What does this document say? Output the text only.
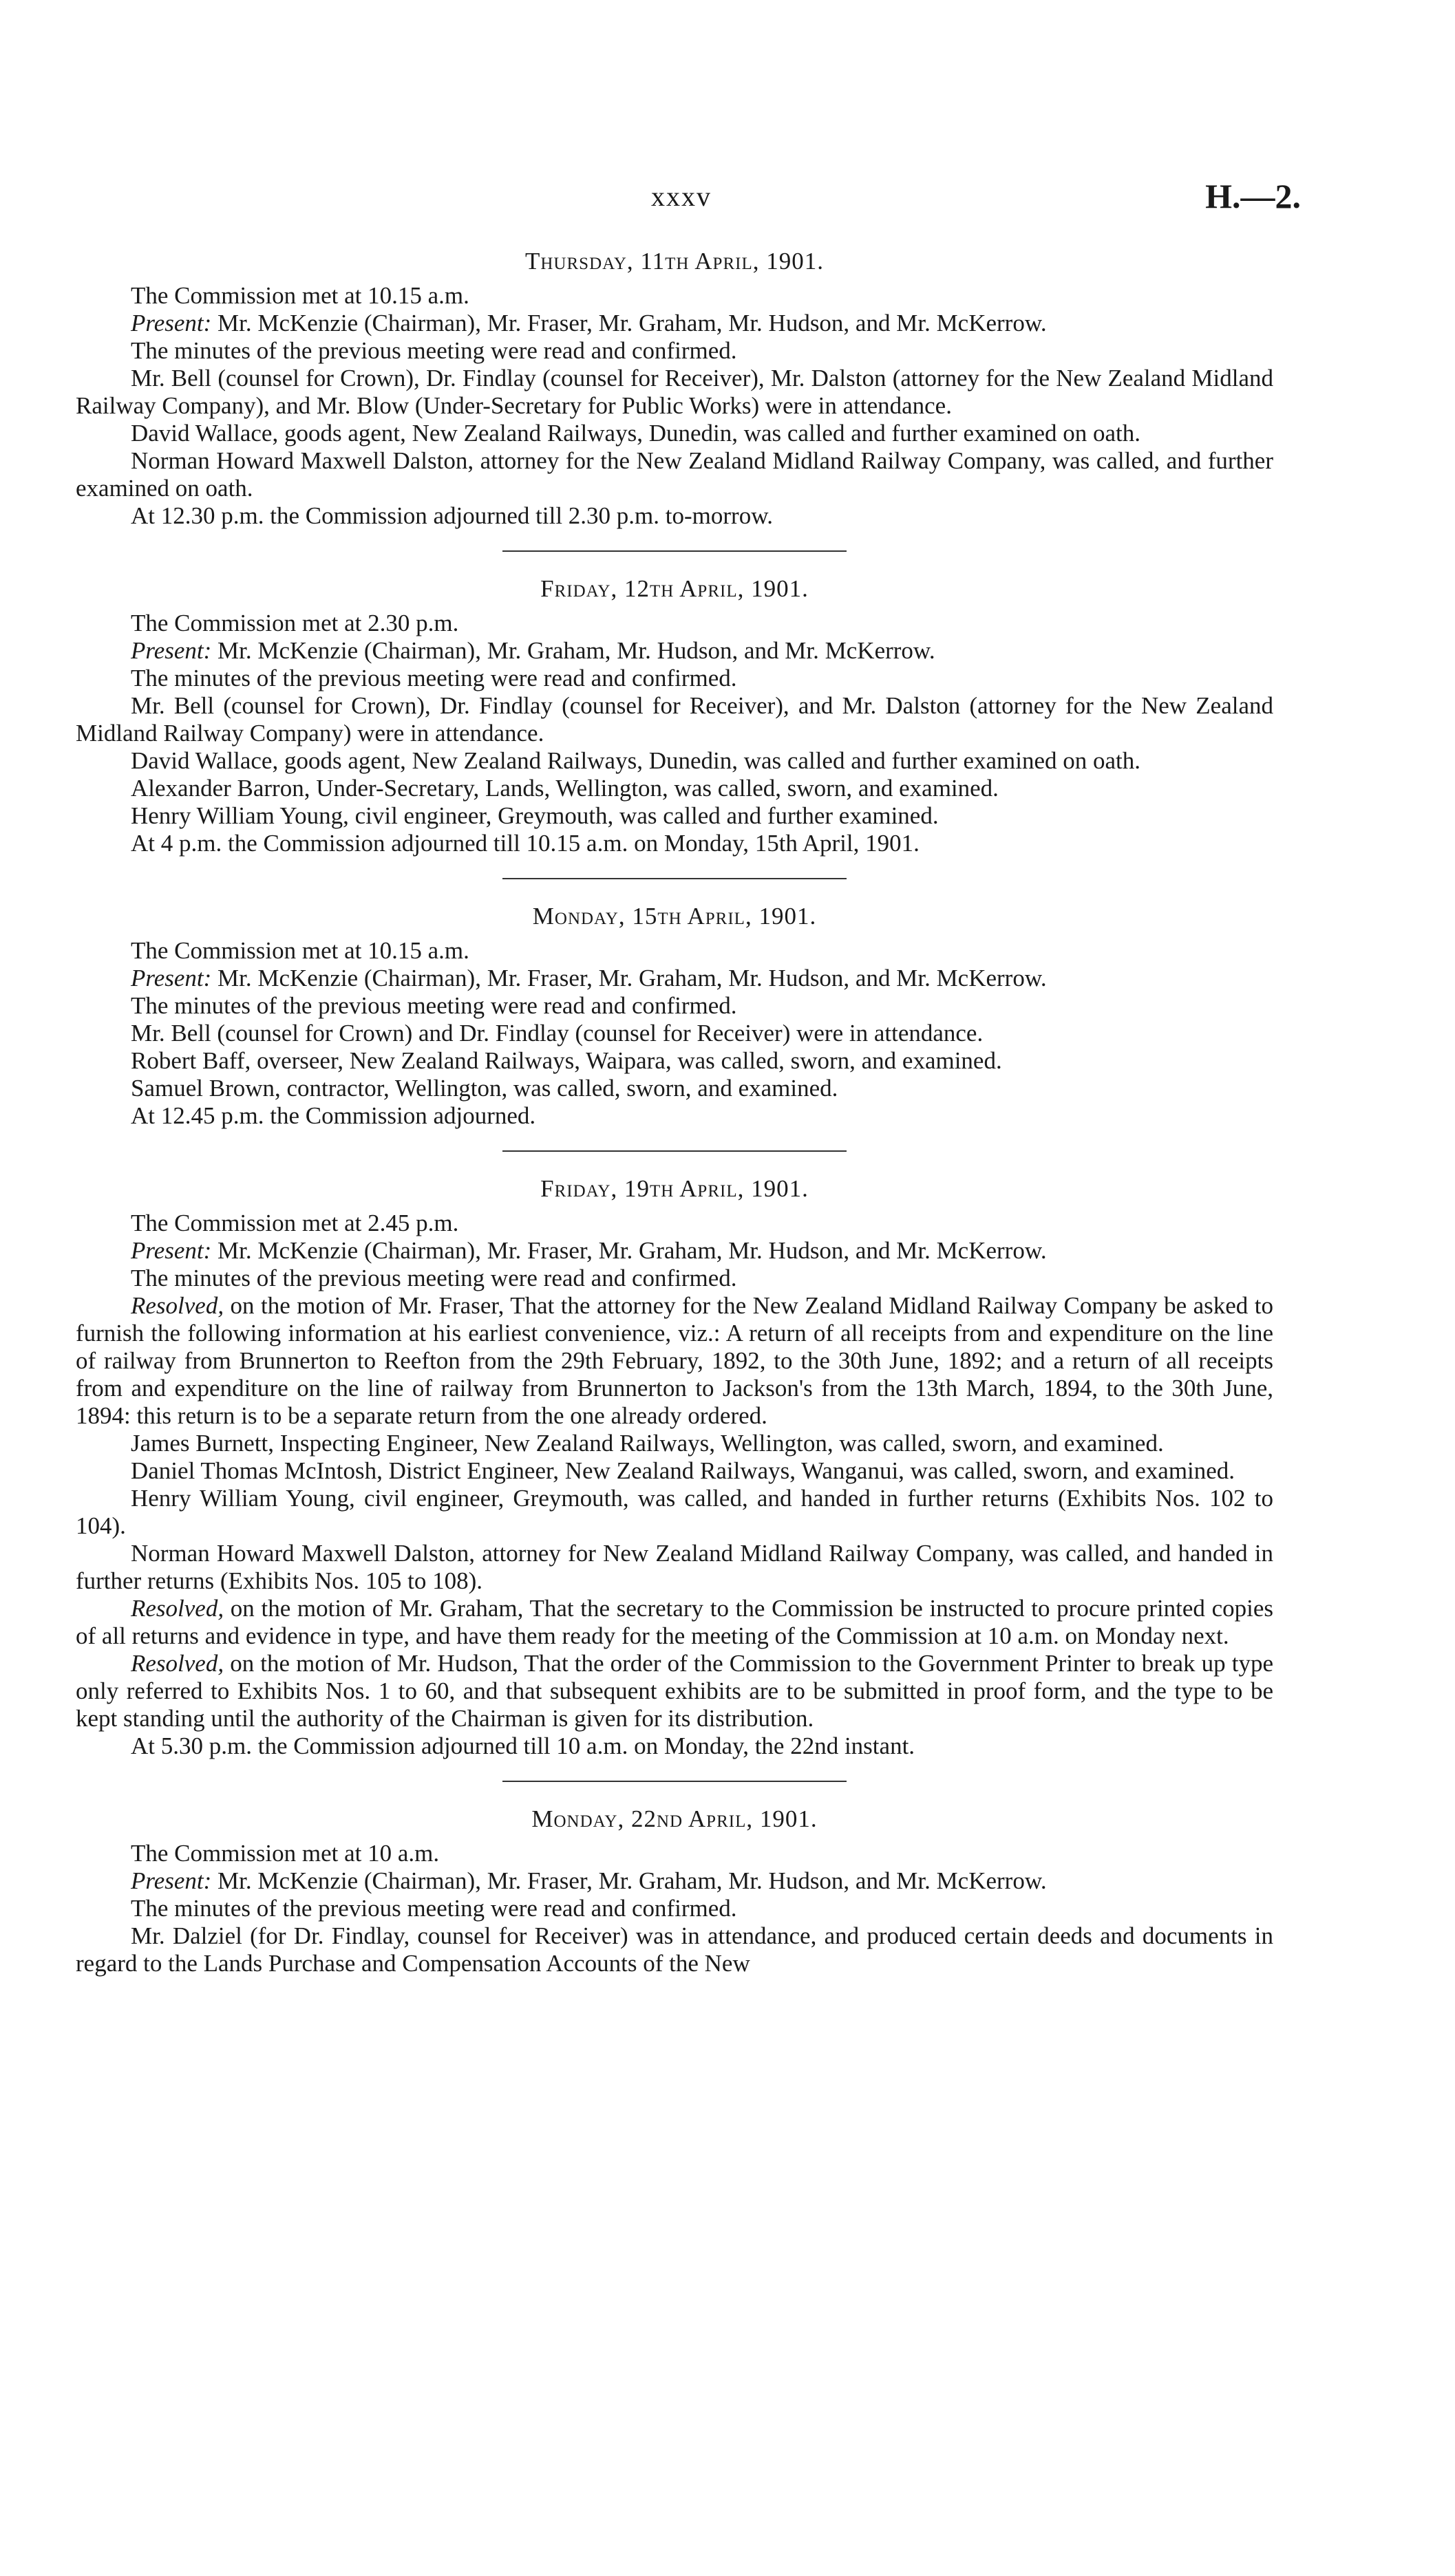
xxxv	H.—2.
Thursday, 11th April, 1901.

The Commission met at 10.15 a.m.

Present: Mr. McKenzie (Chairman), Mr. Fraser, Mr. Graham, Mr. Hudson, and Mr. McKerrow.

The minutes of the previous meeting were read and confirmed.

Mr. Bell (counsel for Crown), Dr. Findlay (counsel for Receiver), Mr. Dalston (attorney for the New Zealand Midland Railway Company), and Mr. Blow (Under-Secretary for Public Works) were in attendance.

David Wallace, goods agent, New Zealand Railways, Dunedin, was called and further examined on oath.

Norman Howard Maxwell Dalston, attorney for the New Zealand Midland Railway Company, was called, and further examined on oath.

At 12.30 p.m. the Commission adjourned till 2.30 p.m. to-morrow.

Friday, 12th April, 1901.

The Commission met at 2.30 p.m.

Present: Mr. McKenzie (Chairman), Mr. Graham, Mr. Hudson, and Mr. McKerrow.

The minutes of the previous meeting were read and confirmed.

Mr. Bell (counsel for Crown), Dr. Findlay (counsel for Receiver), and Mr. Dalston (attorney for the New Zealand Midland Railway Company) were in attendance.

David Wallace, goods agent, New Zealand Railways, Dunedin, was called and further examined on oath.

Alexander Barron, Under-Secretary, Lands, Wellington, was called, sworn, and examined.

Henry William Young, civil engineer, Greymouth, was called and further examined.

At 4 p.m. the Commission adjourned till 10.15 a.m. on Monday, 15th April, 1901.

Monday, 15th April, 1901.

The Commission met at 10.15 a.m.

Present: Mr. McKenzie (Chairman), Mr. Fraser, Mr. Graham, Mr. Hudson, and Mr. McKerrow.

The minutes of the previous meeting were read and confirmed.

Mr. Bell (counsel for Crown) and Dr. Findlay (counsel for Receiver) were in attendance.

Robert Baff, overseer, New Zealand Railways, Waipara, was called, sworn, and examined.

Samuel Brown, contractor, Wellington, was called, sworn, and examined.

At 12.45 p.m. the Commission adjourned.

Friday, 19th April, 1901.

The Commission met at 2.45 p.m.

Present: Mr. McKenzie (Chairman), Mr. Fraser, Mr. Graham, Mr. Hudson, and Mr. McKerrow.

The minutes of the previous meeting were read and confirmed.

Resolved, on the motion of Mr. Fraser, That the attorney for the New Zealand Midland Railway Company be asked to furnish the following information at his earliest convenience, viz.: A return of all receipts from and expenditure on the line of railway from Brunnerton to Reefton from the 29th February, 1892, to the 30th June, 1892; and a return of all receipts from and expenditure on the line of railway from Brunnerton to Jackson's from the 13th March, 1894, to the 30th June, 1894: this return is to be a separate return from the one already ordered.

James Burnett, Inspecting Engineer, New Zealand Railways, Wellington, was called, sworn, and examined.

Daniel Thomas McIntosh, District Engineer, New Zealand Railways, Wanganui, was called, sworn, and examined.

Henry William Young, civil engineer, Greymouth, was called, and handed in further returns (Exhibits Nos. 102 to 104).

Norman Howard Maxwell Dalston, attorney for New Zealand Midland Railway Company, was called, and handed in further returns (Exhibits Nos. 105 to 108).

Resolved, on the motion of Mr. Graham, That the secretary to the Commission be instructed to procure printed copies of all returns and evidence in type, and have them ready for the meeting of the Commission at 10 a.m. on Monday next.

Resolved, on the motion of Mr. Hudson, That the order of the Commission to the Government Printer to break up type only referred to Exhibits Nos. 1 to 60, and that subsequent exhibits are to be submitted in proof form, and the type to be kept standing until the authority of the Chairman is given for its distribution.

At 5.30 p.m. the Commission adjourned till 10 a.m. on Monday, the 22nd instant.

Monday, 22nd April, 1901.

The Commission met at 10 a.m.

Present: Mr. McKenzie (Chairman), Mr. Fraser, Mr. Graham, Mr. Hudson, and Mr. McKerrow.

The minutes of the previous meeting were read and confirmed.

Mr. Dalziel (for Dr. Findlay, counsel for Receiver) was in attendance, and produced certain deeds and documents in regard to the Lands Purchase and Compensation Accounts of the New
